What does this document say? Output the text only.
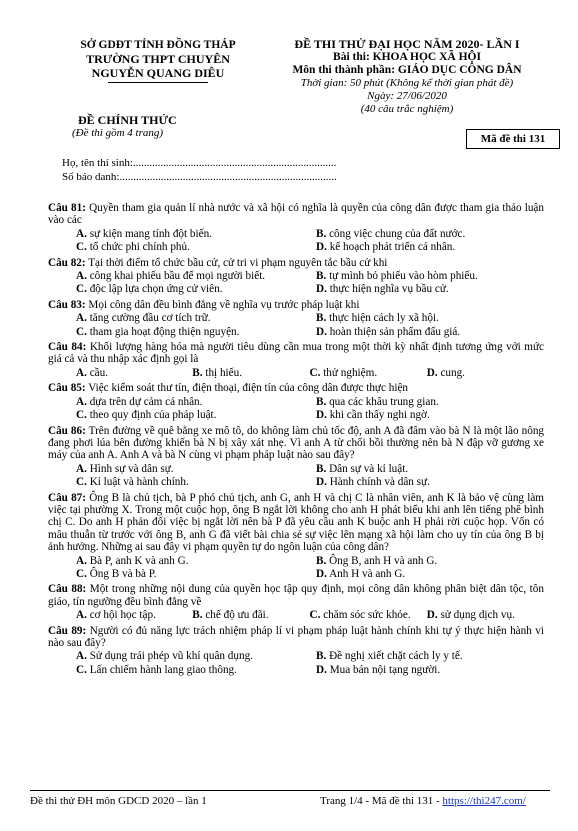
SỞ GDĐT TỈNH ĐỒNG THÁP
TRƯỜNG THPT CHUYÊN
NGUYỄN QUANG DIÊU
ĐỀ CHÍNH THỨC
(Đề thi gồm 4 trang)
ĐỀ THI THỬ ĐẠI HỌC NĂM 2020- LẦN I
Bài thi: KHOA HỌC XÃ HỘI
Môn thi thành phần: GIÁO DỤC CÔNG DÂN
Thời gian: 50 phút (Không kể thời gian phát đề)
Ngày: 27/06/2020
(40 câu trắc nghiệm)
Mã đề thi 131
Họ, tên thí sinh:..........................................................................
Số báo danh:...............................................................................

Câu 81: Quyền tham gia quản lí nhà nước và xã hội có nghĩa là quyền của công dân được tham gia thảo luận vào các

A. sự kiện mang tính đột biến.	B. công việc chung của đất nước.
C. tổ chức phi chính phủ.	D. kế hoạch phát triển cá nhân.

Câu 82: Tại thời điểm tổ chức bầu cử, cử tri vi phạm nguyên tắc bầu cử khi

A. công khai phiếu bầu để mọi người biết.	B. tự mình bỏ phiếu vào hòm phiếu.
C. độc lập lựa chọn ứng cử viên.	D. thực hiện nghĩa vụ bầu cử.

Câu 83: Mọi công dân đều bình đẳng về nghĩa vụ trước pháp luật khi

A. tăng cường đầu cơ tích trữ.	B. thực hiện cách ly xã hội.
C. tham gia hoạt động thiện nguyện.	D. hoàn thiện sản phẩm đấu giá.

Câu 84: Khối lượng hàng hóa mà người tiêu dùng cần mua trong một thời kỳ nhất định tương ứng với mức giá cả và thu nhập xác định gọi là

A. cầu.	B. thị hiếu.	C. thử nghiệm.	D. cung.

Câu 85: Việc kiểm soát thư tín, điện thoại, điện tín của công dân được thực hiện

A. dựa trên dự cảm cá nhân.	B. qua các khâu trung gian.
C. theo quy định của pháp luật.	D. khi cần thấy nghi ngờ.

Câu 86: Trên đường về quê bằng xe mô tô, do không làm chủ tốc độ, anh A đã đâm vào bà N là một lão nông đang phơi lúa bên đường khiến bà N bị xây xát nhẹ. Vì anh A từ chối bồi thường nên bà N đập vỡ gương xe máy của anh A. Anh A và bà N cùng vi phạm pháp luật nào sau đây?

A. Hình sự và dân sự.	B. Dân sự và kỉ luật.
C. Kỉ luật và hành chính.	D. Hành chính và dân sự.

Câu 87: Ông B là chủ tịch, bà P phó chủ tịch, anh G, anh H và chị C là nhân viên, anh K là bảo vệ cùng làm việc tại phường X. Trong một cuộc họp, ông B ngắt lời không cho anh H phát biểu khi anh lên tiếng phê bình chị C. Do anh H phản đối việc bị ngắt lời nên bà P đã yêu cầu anh K buộc anh H phải rời cuộc họp. Vốn có mâu thuẫn từ trước với ông B, anh G đã viết bài chia sẻ sự việc lên mạng xã hội làm cho uy tín của ông B bị ảnh hưởng. Những ai sau đây vi phạm quyền tự do ngôn luận của công dân?

A. Bà P, anh K và anh G.	B. Ông B, anh H và anh G.
C. Ông B và bà P.	D. Anh H và anh G.

Câu 88: Một trong những nội dung của quyền học tập quy định, mọi công dân không phân biệt dân tộc, tôn giáo, tín ngưỡng đều bình đẳng về

A. cơ hội học tập.	B. chế độ ưu đãi.	C. chăm sóc sức khỏe.	D. sử dụng dịch vụ.

Câu 89: Người có đủ năng lực trách nhiệm pháp lí vi phạm pháp luật hành chính khi tự ý thực hiện hành vi nào sau đây?

A. Sử dụng trái phép vũ khí quân dụng.	B. Đề nghị xiết chặt cách ly y tế.
C. Lấn chiếm hành lang giao thông.	D. Mua bán nội tạng người.
Đề thi thử ĐH môn GDCD 2020 – lần 1	Trang 1/4 - Mã đề thi 131 - https://thi247.com/
